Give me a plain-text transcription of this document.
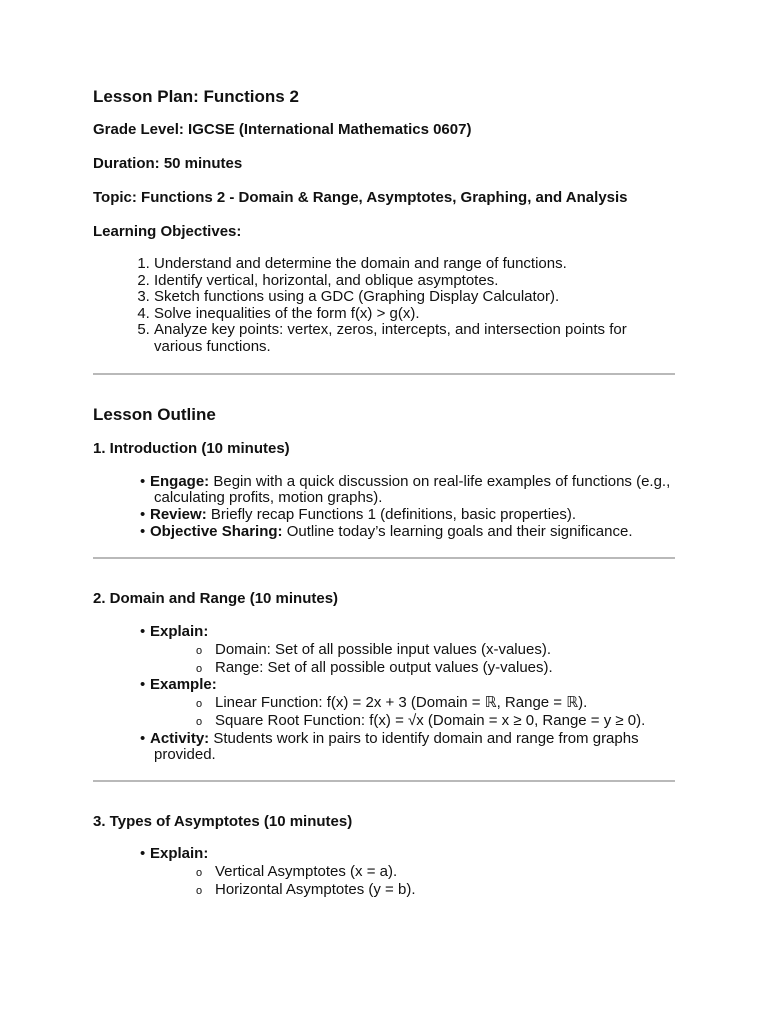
Lesson Plan: Functions 2

Grade Level: IGCSE (International Mathematics 0607)

Duration: 50 minutes

Topic: Functions 2 - Domain & Range, Asymptotes, Graphing, and Analysis

Learning Objectives:

1. Understand and determine the domain and range of functions.
2. Identify vertical, horizontal, and oblique asymptotes.
3. Sketch functions using a GDC (Graphing Display Calculator).
4. Solve inequalities of the form f(x) > g(x).
5. Analyze key points: vertex, zeros, intercepts, and intersection points for various functions.

Lesson Outline

1. Introduction (10 minutes)

• Engage: Begin with a quick discussion on real-life examples of functions (e.g., calculating profits, motion graphs).
• Review: Briefly recap Functions 1 (definitions, basic properties).
• Objective Sharing: Outline today’s learning goals and their significance.

2. Domain and Range (10 minutes)

• Explain:
o Domain: Set of all possible input values (x-values).
o Range: Set of all possible output values (y-values).
• Example:
o Linear Function: f(x) = 2x + 3 (Domain = ℝ, Range = ℝ).
o Square Root Function: f(x) = √x (Domain = x ≥ 0, Range = y ≥ 0).
• Activity: Students work in pairs to identify domain and range from graphs provided.

3. Types of Asymptotes (10 minutes)

• Explain:
o Vertical Asymptotes (x = a).
o Horizontal Asymptotes (y = b).
